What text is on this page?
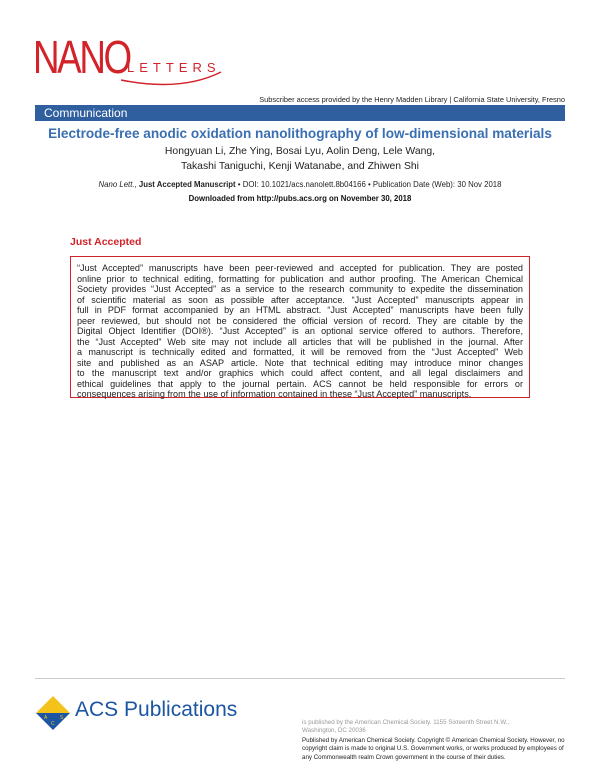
NANO
LETTERS
Subscriber access provided by the Henry Madden Library | California State University, Fresno
Communication
Electrode-free anodic oxidation nanolithography of low-dimensional materials
Hongyuan Li, Zhe Ying, Bosai Lyu, Aolin Deng, Lele Wang,
Takashi Taniguchi, Kenji Watanabe, and Zhiwen Shi
Nano Lett., Just Accepted Manuscript • DOI: 10.1021/acs.nanolett.8b04166 • Publication Date (Web): 30 Nov 2018
Downloaded from http://pubs.acs.org on November 30, 2018
Just Accepted
“Just Accepted” manuscripts have been peer-reviewed and accepted for publication. They are posted
online prior to technical editing, formatting for publication and author proofing. The American Chemical
Society provides “Just Accepted” as a service to the research community to expedite the dissemination
of scientific material as soon as possible after acceptance. “Just Accepted” manuscripts appear in
full in PDF format accompanied by an HTML abstract. “Just Accepted” manuscripts have been fully
peer reviewed, but should not be considered the official version of record. They are citable by the
Digital Object Identifier (DOI®). “Just Accepted” is an optional service offered to authors. Therefore,
the “Just Accepted” Web site may not include all articles that will be published in the journal. After
a manuscript is technically edited and formatted, it will be removed from the “Just Accepted” Web
site and published as an ASAP article. Note that technical editing may introduce minor changes
to the manuscript text and/or graphics which could affect content, and all legal disclaimers and
ethical guidelines that apply to the journal pertain. ACS cannot be held responsible for errors or
consequences arising from the use of information contained in these “Just Accepted” manuscripts.
A	S
C
ACS Publications
is published by the American Chemical Society. 1155 Sixteenth Street N.W.,
Washington, DC 20036
Published by American Chemical Society. Copyright © American Chemical Society. However, no copyright claim is made to original U.S. Government works, or works produced by employees of any Commonwealth realm Crown government in the course of their duties.
